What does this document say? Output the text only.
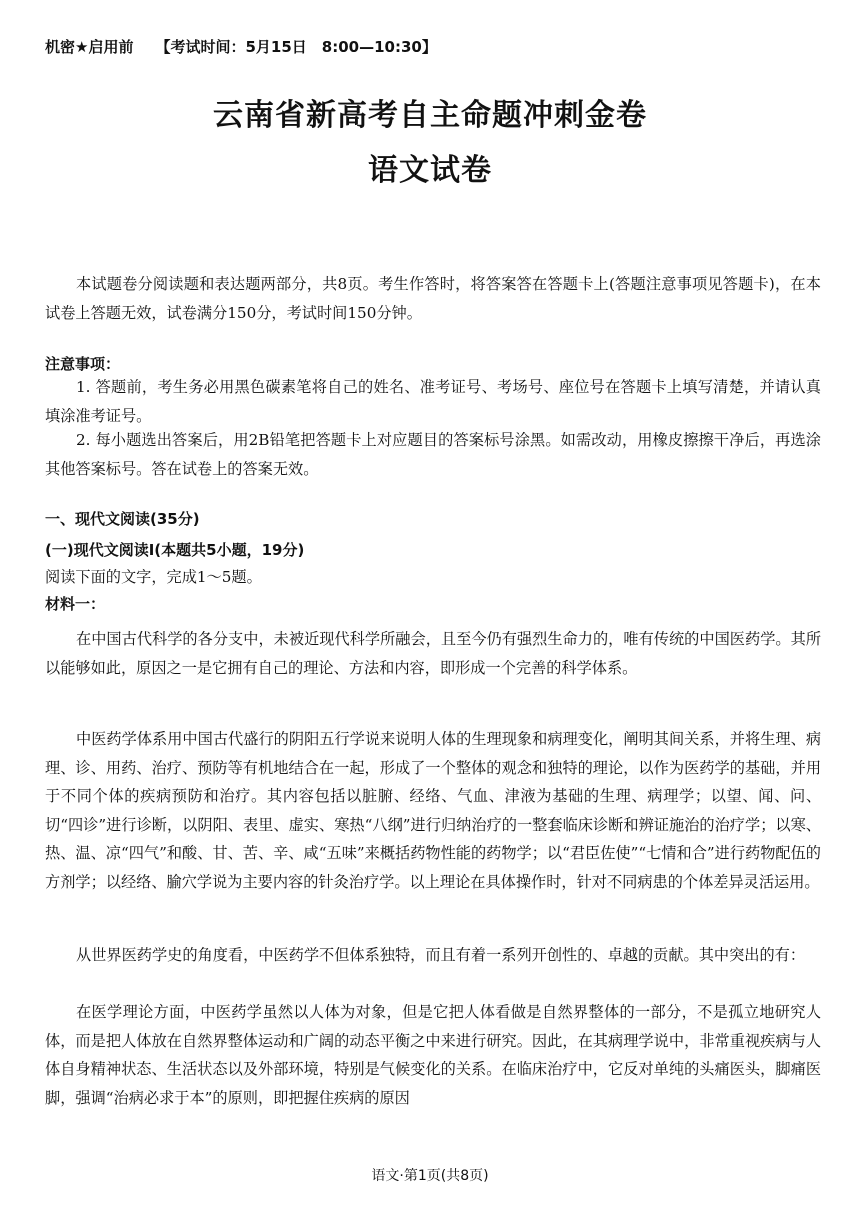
机密★启用前 【考试时间：5月15日　8:00—10:30】
云南省新高考自主命题冲刺金卷
语文试卷
本试题卷分阅读题和表达题两部分，共8页。考生作答时，将答案答在答题卡上(答题注意事项见答题卡)，在本试卷上答题无效，试卷满分150分，考试时间150分钟。
注意事项：
1. 答题前，考生务必用黑色碳素笔将自己的姓名、准考证号、考场号、座位号在答题卡上填写清楚，并请认真填涂准考证号。
2. 每小题选出答案后，用2B铅笔把答题卡上对应题目的答案标号涂黑。如需改动，用橡皮擦擦干净后，再选涂其他答案标号。答在试卷上的答案无效。
一、现代文阅读(35分)
(一)现代文阅读Ⅰ(本题共5小题，19分)
阅读下面的文字，完成1～5题。
材料一：
在中国古代科学的各分支中，未被近现代科学所融会，且至今仍有强烈生命力的，唯有传统的中国医药学。其所以能够如此，原因之一是它拥有自己的理论、方法和内容，即形成一个完善的科学体系。
中医药学体系用中国古代盛行的阴阳五行学说来说明人体的生理现象和病理变化，阐明其间关系，并将生理、病理、诊、用药、治疗、预防等有机地结合在一起，形成了一个整体的观念和独特的理论，以作为医药学的基础，并用于不同个体的疾病预防和治疗。其内容包括以脏腑、经络、气血、津液为基础的生理、病理学；以望、闻、问、切“四诊”进行诊断，以阴阳、表里、虚实、寒热“八纲”进行归纳治疗的一整套临床诊断和辨证施治的治疗学；以寒、热、温、凉“四气”和酸、甘、苦、辛、咸“五味”来概括药物性能的药物学；以“君臣佐使”“七情和合”进行药物配伍的方剂学；以经络、腧穴学说为主要内容的针灸治疗学。以上理论在具体操作时，针对不同病患的个体差异灵活运用。
从世界医药学史的角度看，中医药学不但体系独特，而且有着一系列开创性的、卓越的贡献。其中突出的有：
在医学理论方面，中医药学虽然以人体为对象，但是它把人体看做是自然界整体的一部分，不是孤立地研究人体，而是把人体放在自然界整体运动和广阔的动态平衡之中来进行研究。因此，在其病理学说中，非常重视疾病与人体自身精神状态、生活状态以及外部环境，特别是气候变化的关系。在临床治疗中，它反对单纯的头痛医头，脚痛医脚，强调“治病必求于本”的原则，即把握住疾病的原因
语文·第1页(共8页)
